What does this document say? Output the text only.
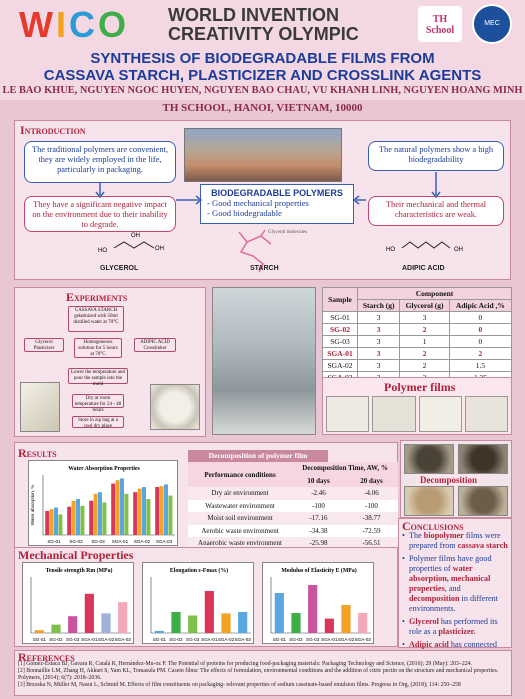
WICO WORLD INVENTION
CREATIVITY OLYMPIC
TH School
MEC
SYNTHESIS OF BIODEGRADABLE FILMS FROM
CASSAVA STARCH, PLASTICIZER AND CROSSLINK AGENTS
LE BAO KHUE, NGUYEN NGOC HUYEN, NGUYEN BAO CHAU, VU KHANH LINH, NGUYEN HOANG MINH
TH SCHOOL, HANOI, VIETNAM, 10000
Introduction
The traditional polymers are convenient, they are widely employed in the life, particularly in packaging.
They have a significant negative impact on the environment due to their inability to degrade.
The natural polymers show a high biodegradability
Their mechanical and thermal characteristics are weak.
BIODEGRADABLE POLYMERS
- Good mechanical properties
- Good biodegradable
HO	OH
OH
HO	OH
GLYCEROL	STARCH	ADIPIC ACID
Glycerol molecules
Experiments
CASSAVA STARCH gelatinized with 50ml distilled water at 70°C
Glycerol Plasticizer
ADIPIC ACID Crosslinker
Homogeneous solution for 5 hours at 70°C
Lower the temperature and pour the sample into the mold
Dry at room temperature for 24 - 48 hours
Store in zip bag at a cool dry place
Sample	Component		
	Starch (g)	Glycerol (g)	Adipic Acid ,%
SG-01	3	3	0
SG-02	3	2	0
SG-03	3	1	0
SGA-01	3	2	2
SGA-02	3	2	1.5

Polymer films
Results
Water Absorption Properties
SG-01 SG-02 SG-03 SGA-01 SGA-02 SGA-03
Water absorption, %
Decomposition of polymer film
Performance conditions	Decomposition Time, AW, %	
	10 days	20 days
Dry air environment	-2.46	-4.06
Wastewater environment	-100	-100
Moist soil environment	-17.16	-38.77
Aerobic waste environment	-34.38	-72.59
Anaerobic waste environment	-25.98	-56.51
Decomposition
Mechanical Properties
Tensile strength Rm (MPa)
SG-01 SG-02 SG-03 SGA-01 SGA-02 SGA-03
Elongation ɛ-Fmax (%)
SG-01 SG-02 SG-03 SGA-01 SGA-02 SGA-03
Modulus of Elasticity E (MPa)
SG-01 SG-02 SG-03 SGA-01 SGA-02 SGA-03
Conclusions
• The biopolymer films were prepared from cassava starch
• Polymer films have good properties of water absorption, mechanical properties, and decomposition in different environments.
• Glycerol has performed its role as a plasticizer.
• Adipic acid has connected
References
[1] Gómez-Estaca BJ, Gavara R, Catalá R, Hernández-Mu-oz P. The Potential of proteins for producing food-packaging materials: Packaging Technology and Science, (2016); 29 (May): 203–224.
[2] Bonnaillie LM, Zhang H, Akkurt S, Yam KL, Tomasula PM. Casein films: The effects of formulation, environmental conditions and the addition of citric pectin on the structure and mechanical properties. Polymers, (2014); 6(7): 2018–2036.
[3] Brzoska N, Müller M, Nasui L, Schmid M. Effects of film constituents on packaging- relevant properties of sodium caseinate-based emulsion films. Progress in Org, (2018); 114: 250–258
